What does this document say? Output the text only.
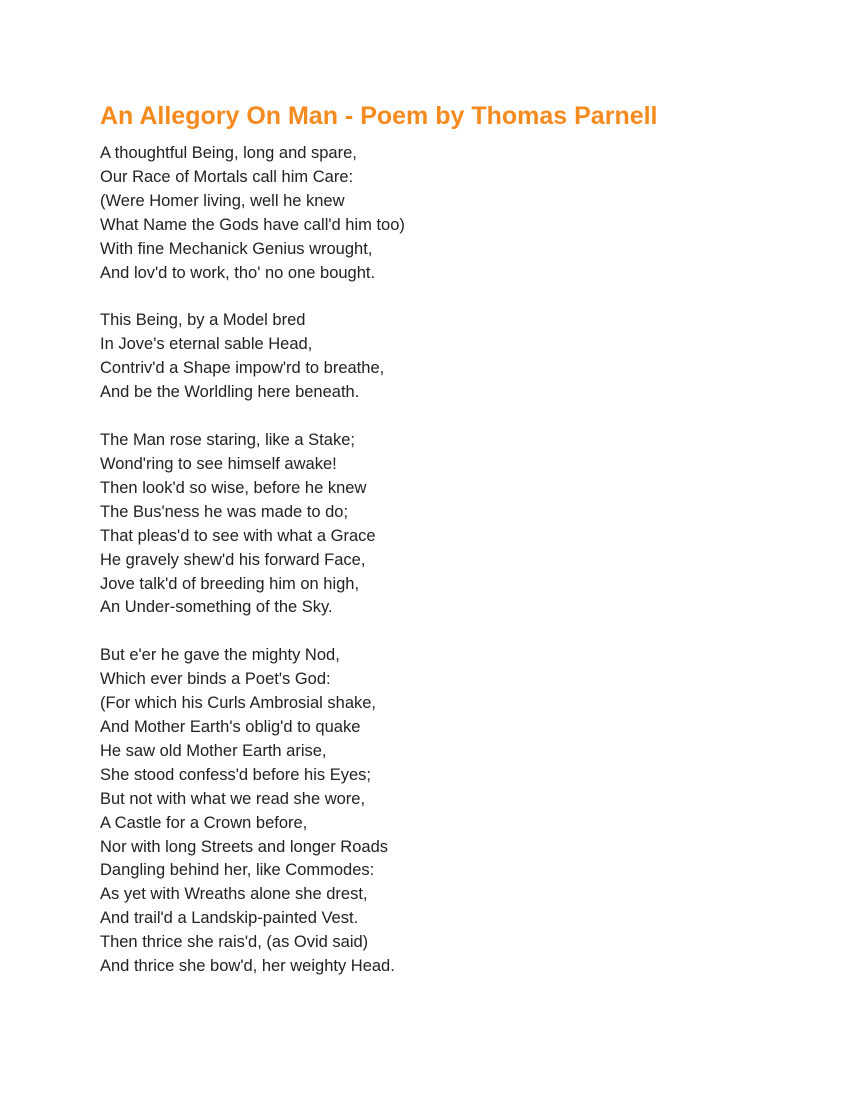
An Allegory On Man - Poem by Thomas Parnell
A thoughtful Being, long and spare,
Our Race of Mortals call him Care:
(Were Homer living, well he knew
What Name the Gods have call'd him too)
With fine Mechanick Genius wrought,
And lov'd to work, tho' no one bought.
This Being, by a Model bred
In Jove's eternal sable Head,
Contriv'd a Shape impow'rd to breathe,
And be the Worldling here beneath.
The Man rose staring, like a Stake;
Wond'ring to see himself awake!
Then look'd so wise, before he knew
The Bus'ness he was made to do;
That pleas'd to see with what a Grace
He gravely shew'd his forward Face,
Jove talk'd of breeding him on high,
An Under-something of the Sky.
But e'er he gave the mighty Nod,
Which ever binds a Poet's God:
(For which his Curls Ambrosial shake,
And Mother Earth's oblig'd to quake
He saw old Mother Earth arise,
She stood confess'd before his Eyes;
But not with what we read she wore,
A Castle for a Crown before,
Nor with long Streets and longer Roads
Dangling behind her, like Commodes:
As yet with Wreaths alone she drest,
And trail'd a Landskip-painted Vest.
Then thrice she rais'd, (as Ovid said)
And thrice she bow'd, her weighty Head.
